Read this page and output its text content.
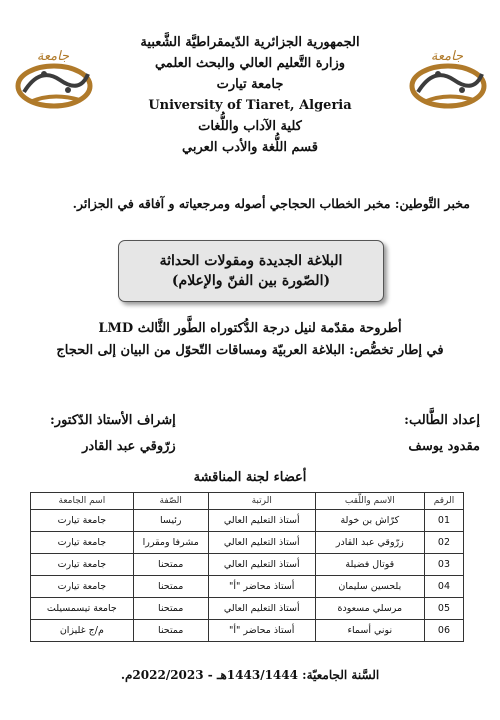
جامعة	جامعة
الجمهورية الجزائرية الدّيمقراطيَّة الشَّعبية
وزارة التَّعليم العالي والبحث العلمي
جامعة تيارت
University of Tiaret, Algeria
كلية الآداب واللُّغات
قسم اللُّغة والأدب العربي
مخبر التَّوطين: مخبر الخطاب الحجاجي أصوله ومرجعياته و آفاقه في الجزائر.
البلاغة الجديدة ومقولات الحداثة
(الصّورة بين الفنّ والإعلام)
أطروحة مقدّمة لنيل درجة الدُّكتوراه الطَّور الثَّالث LMD
في إطار تخصُّص: البلاغة العربيّة ومساقات التّحوّل من البيان إلى الحجاج
إعداد الطَّالب:
مقدود يوسف
إشراف الأستاذ الدّكتور:
زرّوقي عبد القادر
أعضاء لجنة المناقشة
الرقم	الاسم واللّقب	الرتبة	الصّفة	اسم الجامعة
01	كرّاش بن خولة	أستاذ التعليم العالي	رئيسا	جامعة تيارت
02	زرّوقي عبد القادر	أستاذ التعليم العالي	مشرفا ومقررا	جامعة تيارت
03	قوتال فضيلة	أستاذ التعليم العالي	ممتحنا	جامعة تيارت
04	بلحسين سليمان	أستاذ محاضر "أ"	ممتحنا	جامعة تيارت
05	مرسلي مسعودة	أستاذ التعليم العالي	ممتحنا	جامعة تيسمسيلت
06	نوني أسماء	أستاذ محاضر "أ"	ممتحنا	م/ج غليزان
السَّنة الجامعيّة: 1443/1444هـ - 2022/2023م.
